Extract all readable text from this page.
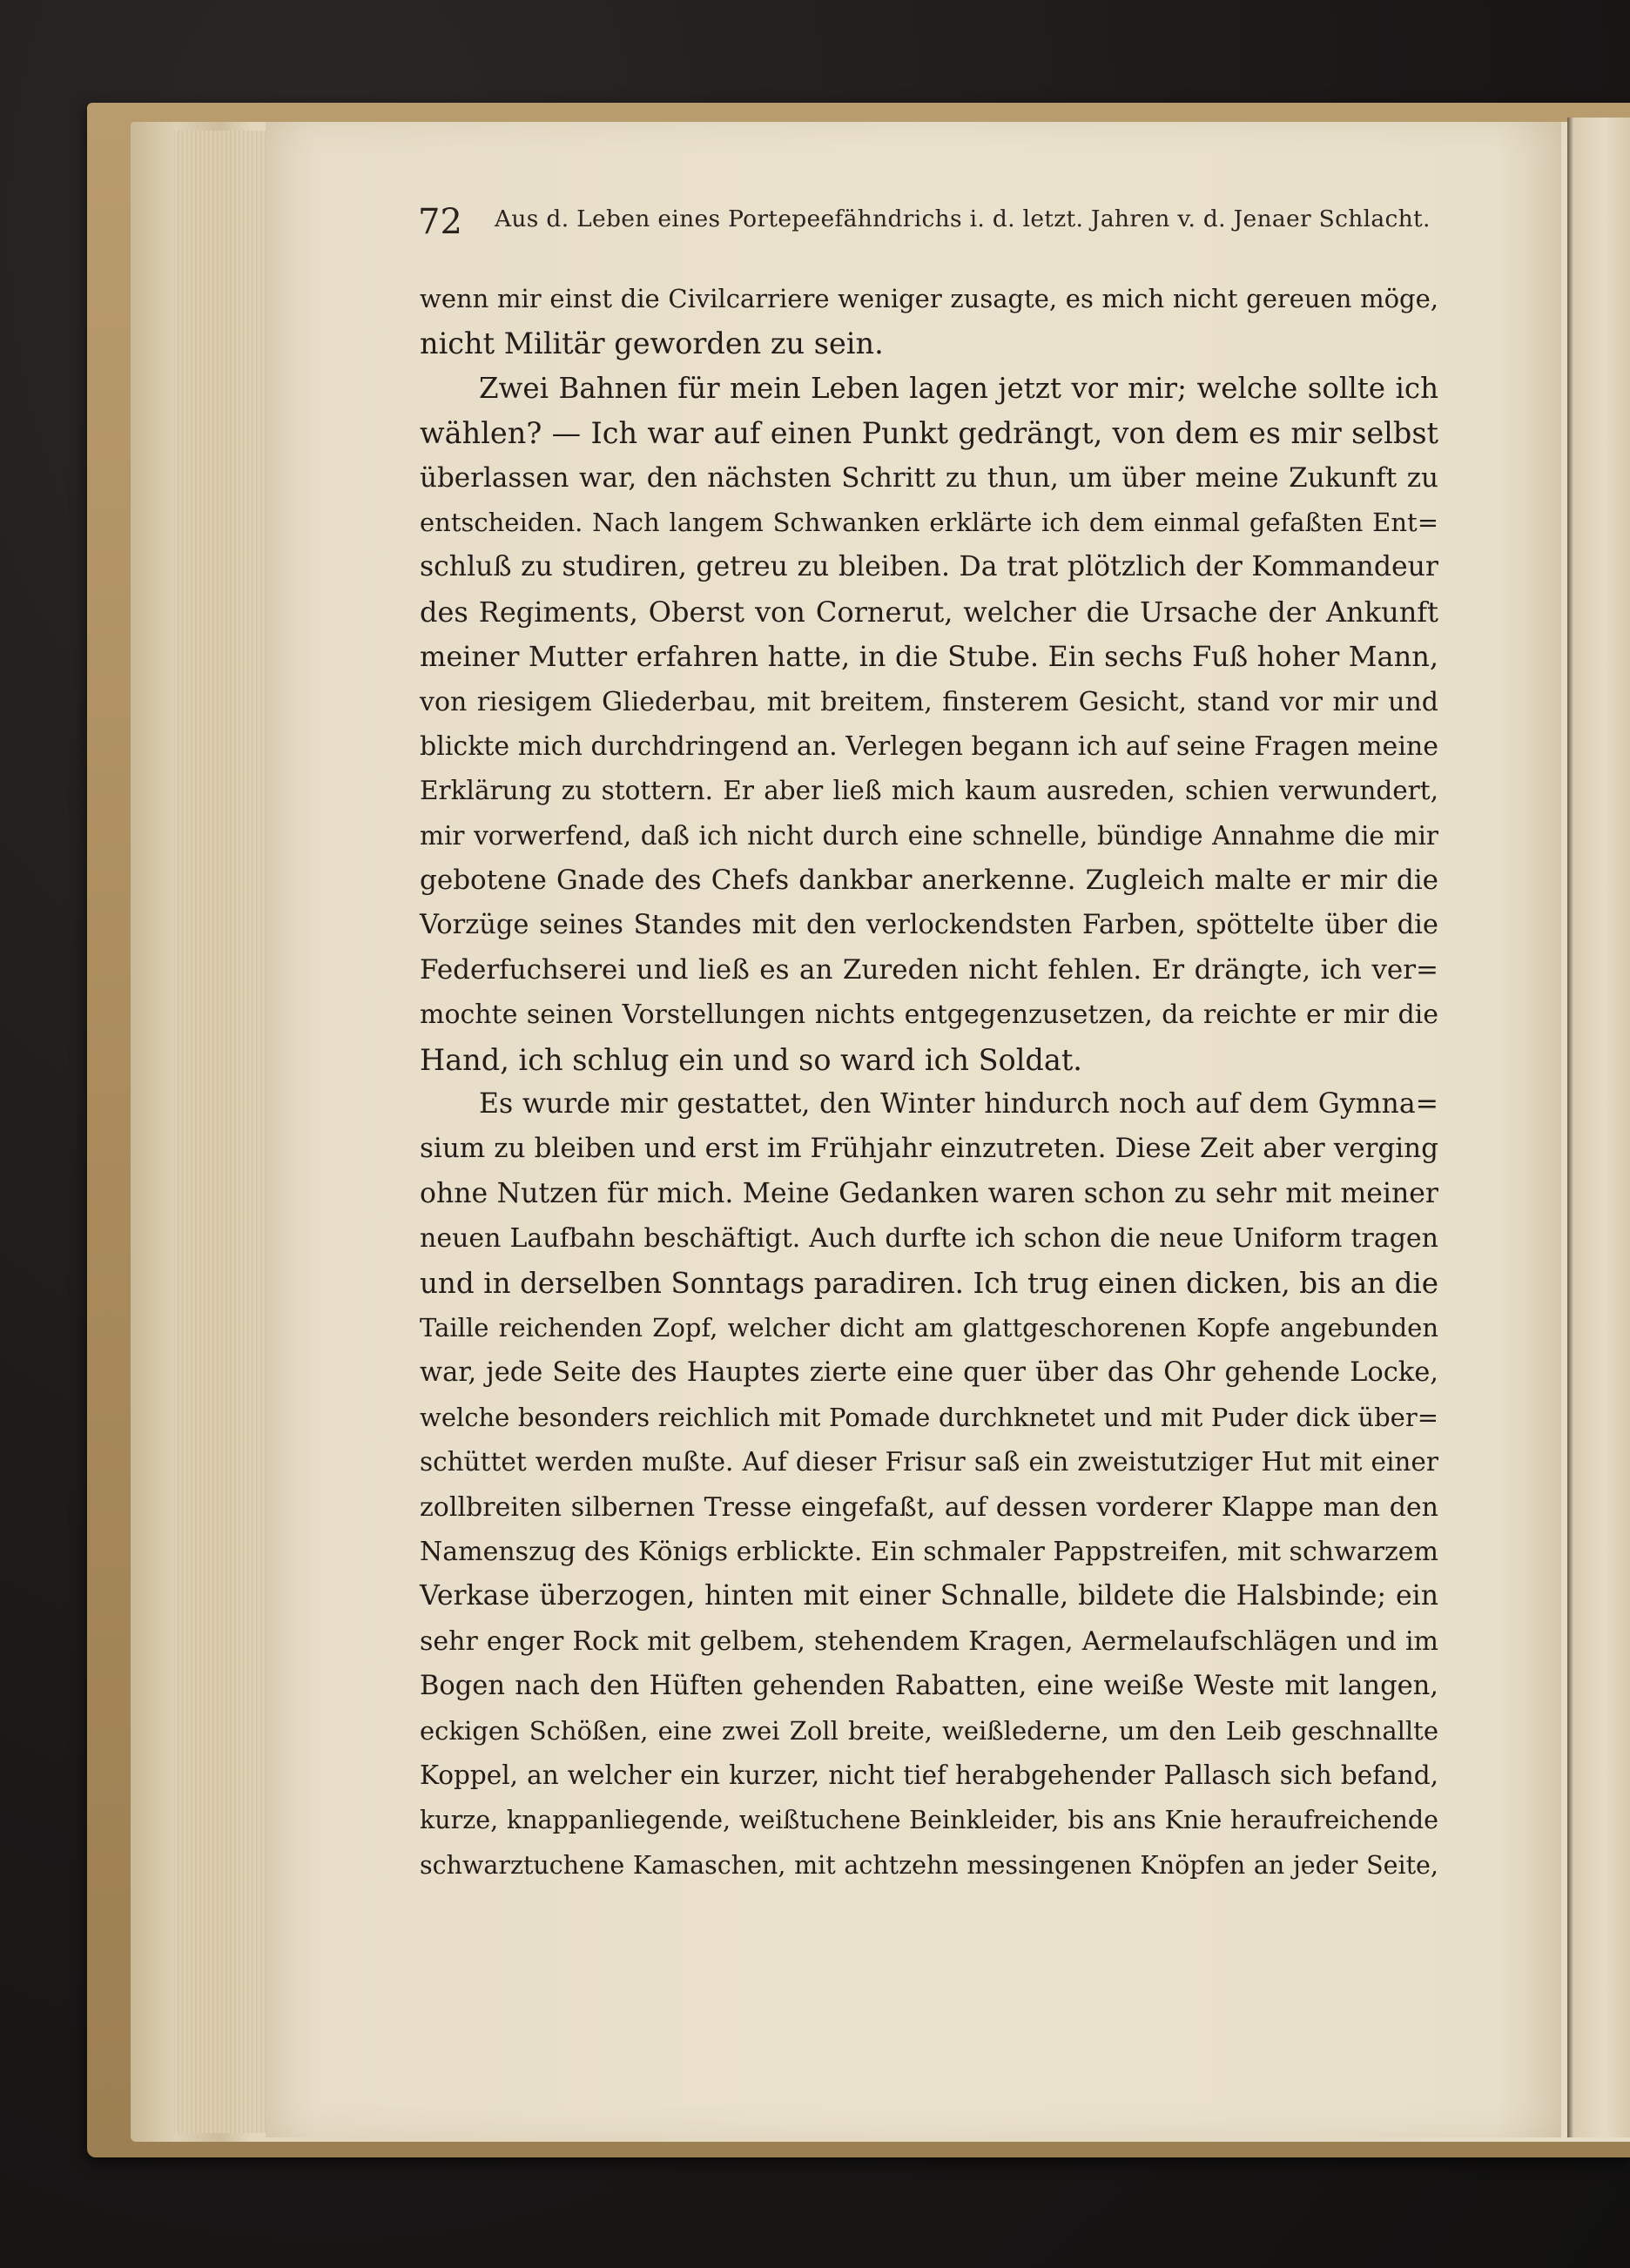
72 Aus d. Leben eines Portepeefähndrichs i. d. letzt. Jahren v. d. Jenaer Schlacht.
wenn mir einst die Civilcarriere weniger zusagte, es mich nicht gereuen möge,
nicht Militär geworden zu sein.
Zwei Bahnen für mein Leben lagen jetzt vor mir; welche sollte ich
wählen? — Ich war auf einen Punkt gedrängt, von dem es mir selbst
überlassen war, den nächsten Schritt zu thun, um über meine Zukunft zu
entscheiden. Nach langem Schwanken erklärte ich dem einmal gefaßten Ent=
schluß zu studiren, getreu zu bleiben. Da trat plötzlich der Kommandeur
des Regiments, Oberst von Cornerut, welcher die Ursache der Ankunft
meiner Mutter erfahren hatte, in die Stube. Ein sechs Fuß hoher Mann,
von riesigem Gliederbau, mit breitem, finsterem Gesicht, stand vor mir und
blickte mich durchdringend an. Verlegen begann ich auf seine Fragen meine
Erklärung zu stottern. Er aber ließ mich kaum ausreden, schien verwundert,
mir vorwerfend, daß ich nicht durch eine schnelle, bündige Annahme die mir
gebotene Gnade des Chefs dankbar anerkenne. Zugleich malte er mir die
Vorzüge seines Standes mit den verlockendsten Farben, spöttelte über die
Federfuchserei und ließ es an Zureden nicht fehlen. Er drängte, ich ver=
mochte seinen Vorstellungen nichts entgegenzusetzen, da reichte er mir die
Hand, ich schlug ein und so ward ich Soldat.
Es wurde mir gestattet, den Winter hindurch noch auf dem Gymna=
sium zu bleiben und erst im Frühjahr einzutreten. Diese Zeit aber verging
ohne Nutzen für mich. Meine Gedanken waren schon zu sehr mit meiner
neuen Laufbahn beschäftigt. Auch durfte ich schon die neue Uniform tragen
und in derselben Sonntags paradiren. Ich trug einen dicken, bis an die
Taille reichenden Zopf, welcher dicht am glattgeschorenen Kopfe angebunden
war, jede Seite des Hauptes zierte eine quer über das Ohr gehende Locke,
welche besonders reichlich mit Pomade durchknetet und mit Puder dick über=
schüttet werden mußte. Auf dieser Frisur saß ein zweistutziger Hut mit einer
zollbreiten silbernen Tresse eingefaßt, auf dessen vorderer Klappe man den
Namenszug des Königs erblickte. Ein schmaler Pappstreifen, mit schwarzem
Verkase überzogen, hinten mit einer Schnalle, bildete die Halsbinde; ein
sehr enger Rock mit gelbem, stehendem Kragen, Aermelaufschlägen und im
Bogen nach den Hüften gehenden Rabatten, eine weiße Weste mit langen,
eckigen Schößen, eine zwei Zoll breite, weißlederne, um den Leib geschnallte
Koppel, an welcher ein kurzer, nicht tief herabgehender Pallasch sich befand,
kurze, knappanliegende, weißtuchene Beinkleider, bis ans Knie heraufreichende
schwarztuchene Kamaschen, mit achtzehn messingenen Knöpfen an jeder Seite,
